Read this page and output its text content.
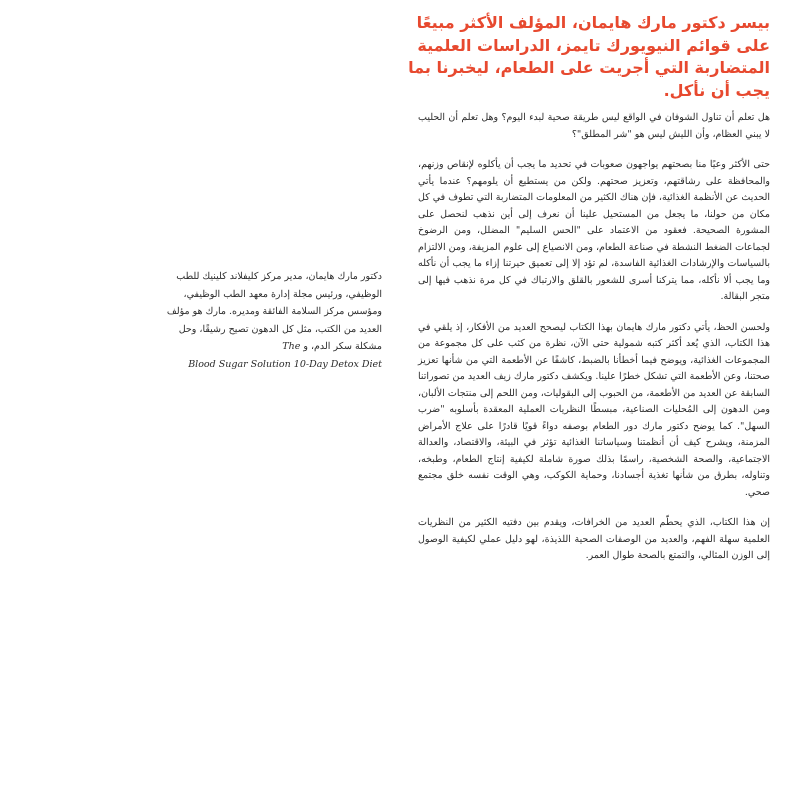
بيسر دكتور مارك هايمان، المؤلف الأكثر مبيعًا على قوائم النيويورك تايمز، الدراسات العلمية المتضاربة التي أجريت على الطعام، ليخبرنا بما يجب أن نأكل.

هل تعلم أن تناول الشوفان في الواقع ليس طريقة صحية لبدء اليوم؟ وهل تعلم أن الحليب لا يبني العظام، وأن الليش ليس هو "شر المطلق"؟

حتى الأكثر وعيًا منا بصحتهم يواجهون صعوبات في تحديد ما يجب أن يأكلوه لإنقاص وزنهم، والمحافظة على رشاقتهم، وتعزيز صحتهم. ولكن من يستطيع أن يلومهم؟ عندما يأتي الحديث عن الأنظمة الغذائية، فإن هناك الكثير من المعلومات المتضاربة التي تطوف في كل مكان من حولنا، ما يجعل من المستحيل علينا أن نعرف إلى أين نذهب لنحصل على المشورة الصحيحة. فعقود من الاعتماد على "الحس السليم" المضلل، ومن الرضوخ لجماعات الضغط النشطة في صناعة الطعام، ومن الانصياع إلى علوم المزيفة، ومن الالتزام بالسياسات والإرشادات الغذائية الفاسدة، لم تؤد إلا إلى تعميق حيرتنا إزاء ما يجب أن نأكله وما يجب ألا نأكله، مما يتركنا أسرى للشعور بالقلق والارتباك في كل مرة نذهب فيها إلى متجر البقالة.

ولحسن الحظ، يأتي دكتور مارك هايمان بهذا الكتاب ليصحح العديد من الأفكار، إذ يلقي في هذا الكتاب، الذي يُعد أكثر كتبه شمولية حتى الآن، نظرة من كثب على كل مجموعة من المجموعات الغذائية، ويوضح فيما أخطأنا بالضبط، كاشفًا عن الأطعمة التي من شأنها تعزيز صحتنا، وعن الأطعمة التي تشكل خطرًا علينا. ويكشف دكتور مارك زيف العديد من تصوراتنا السابقة عن العديد من الأطعمة، من الحبوب إلى البقوليات، ومن اللحم إلى منتجات الألبان، ومن الدهون إلى المُحليات الصناعية، مبسطًا النظريات العملية المعقدة بأسلوبه "ضرب السهل". كما يوضح دكتور مارك دور الطعام بوصفه دواءً قويًا قادرًا على علاج الأمراض المزمنة، ويشرح كيف أن أنظمتنا وسياساتنا الغذائية تؤثر في البيئة، والاقتصاد، والعدالة الاجتماعية، والصحة الشخصية، راسمًا بذلك صورة شاملة لكيفية إنتاج الطعام، وطبخه، وتناوله، بطرق من شأنها تغذية أجسادنا، وحماية الكوكب، وهي الوقت نفسه خلق مجتمع صحي.

إن هذا الكتاب، الذي يحطّم العديد من الخرافات، ويقدم بين دفتيه الكثير من النظريات العلمية سهلة الفهم، والعديد من الوصفات الصحية اللذيذة، لهو دليل عملي لكيفية الوصول إلى الوزن المثالي، والتمتع بالصحة طوال العمر.

دكتور مارك هايمان، مدير مركز كليفلاند كلينيك للطب الوظيفي، ورئيس مجلة إدارة معهد الطب الوظيفي، ومؤسس مركز السلامة الفائقة ومديره. مارك هو مؤلف العديد من الكتب، مثل كل الدهون تصيح رشيقًا، وحل مشكلة سكر الدم، و The
Blood Sugar Solution 10-Day Detox Diet
